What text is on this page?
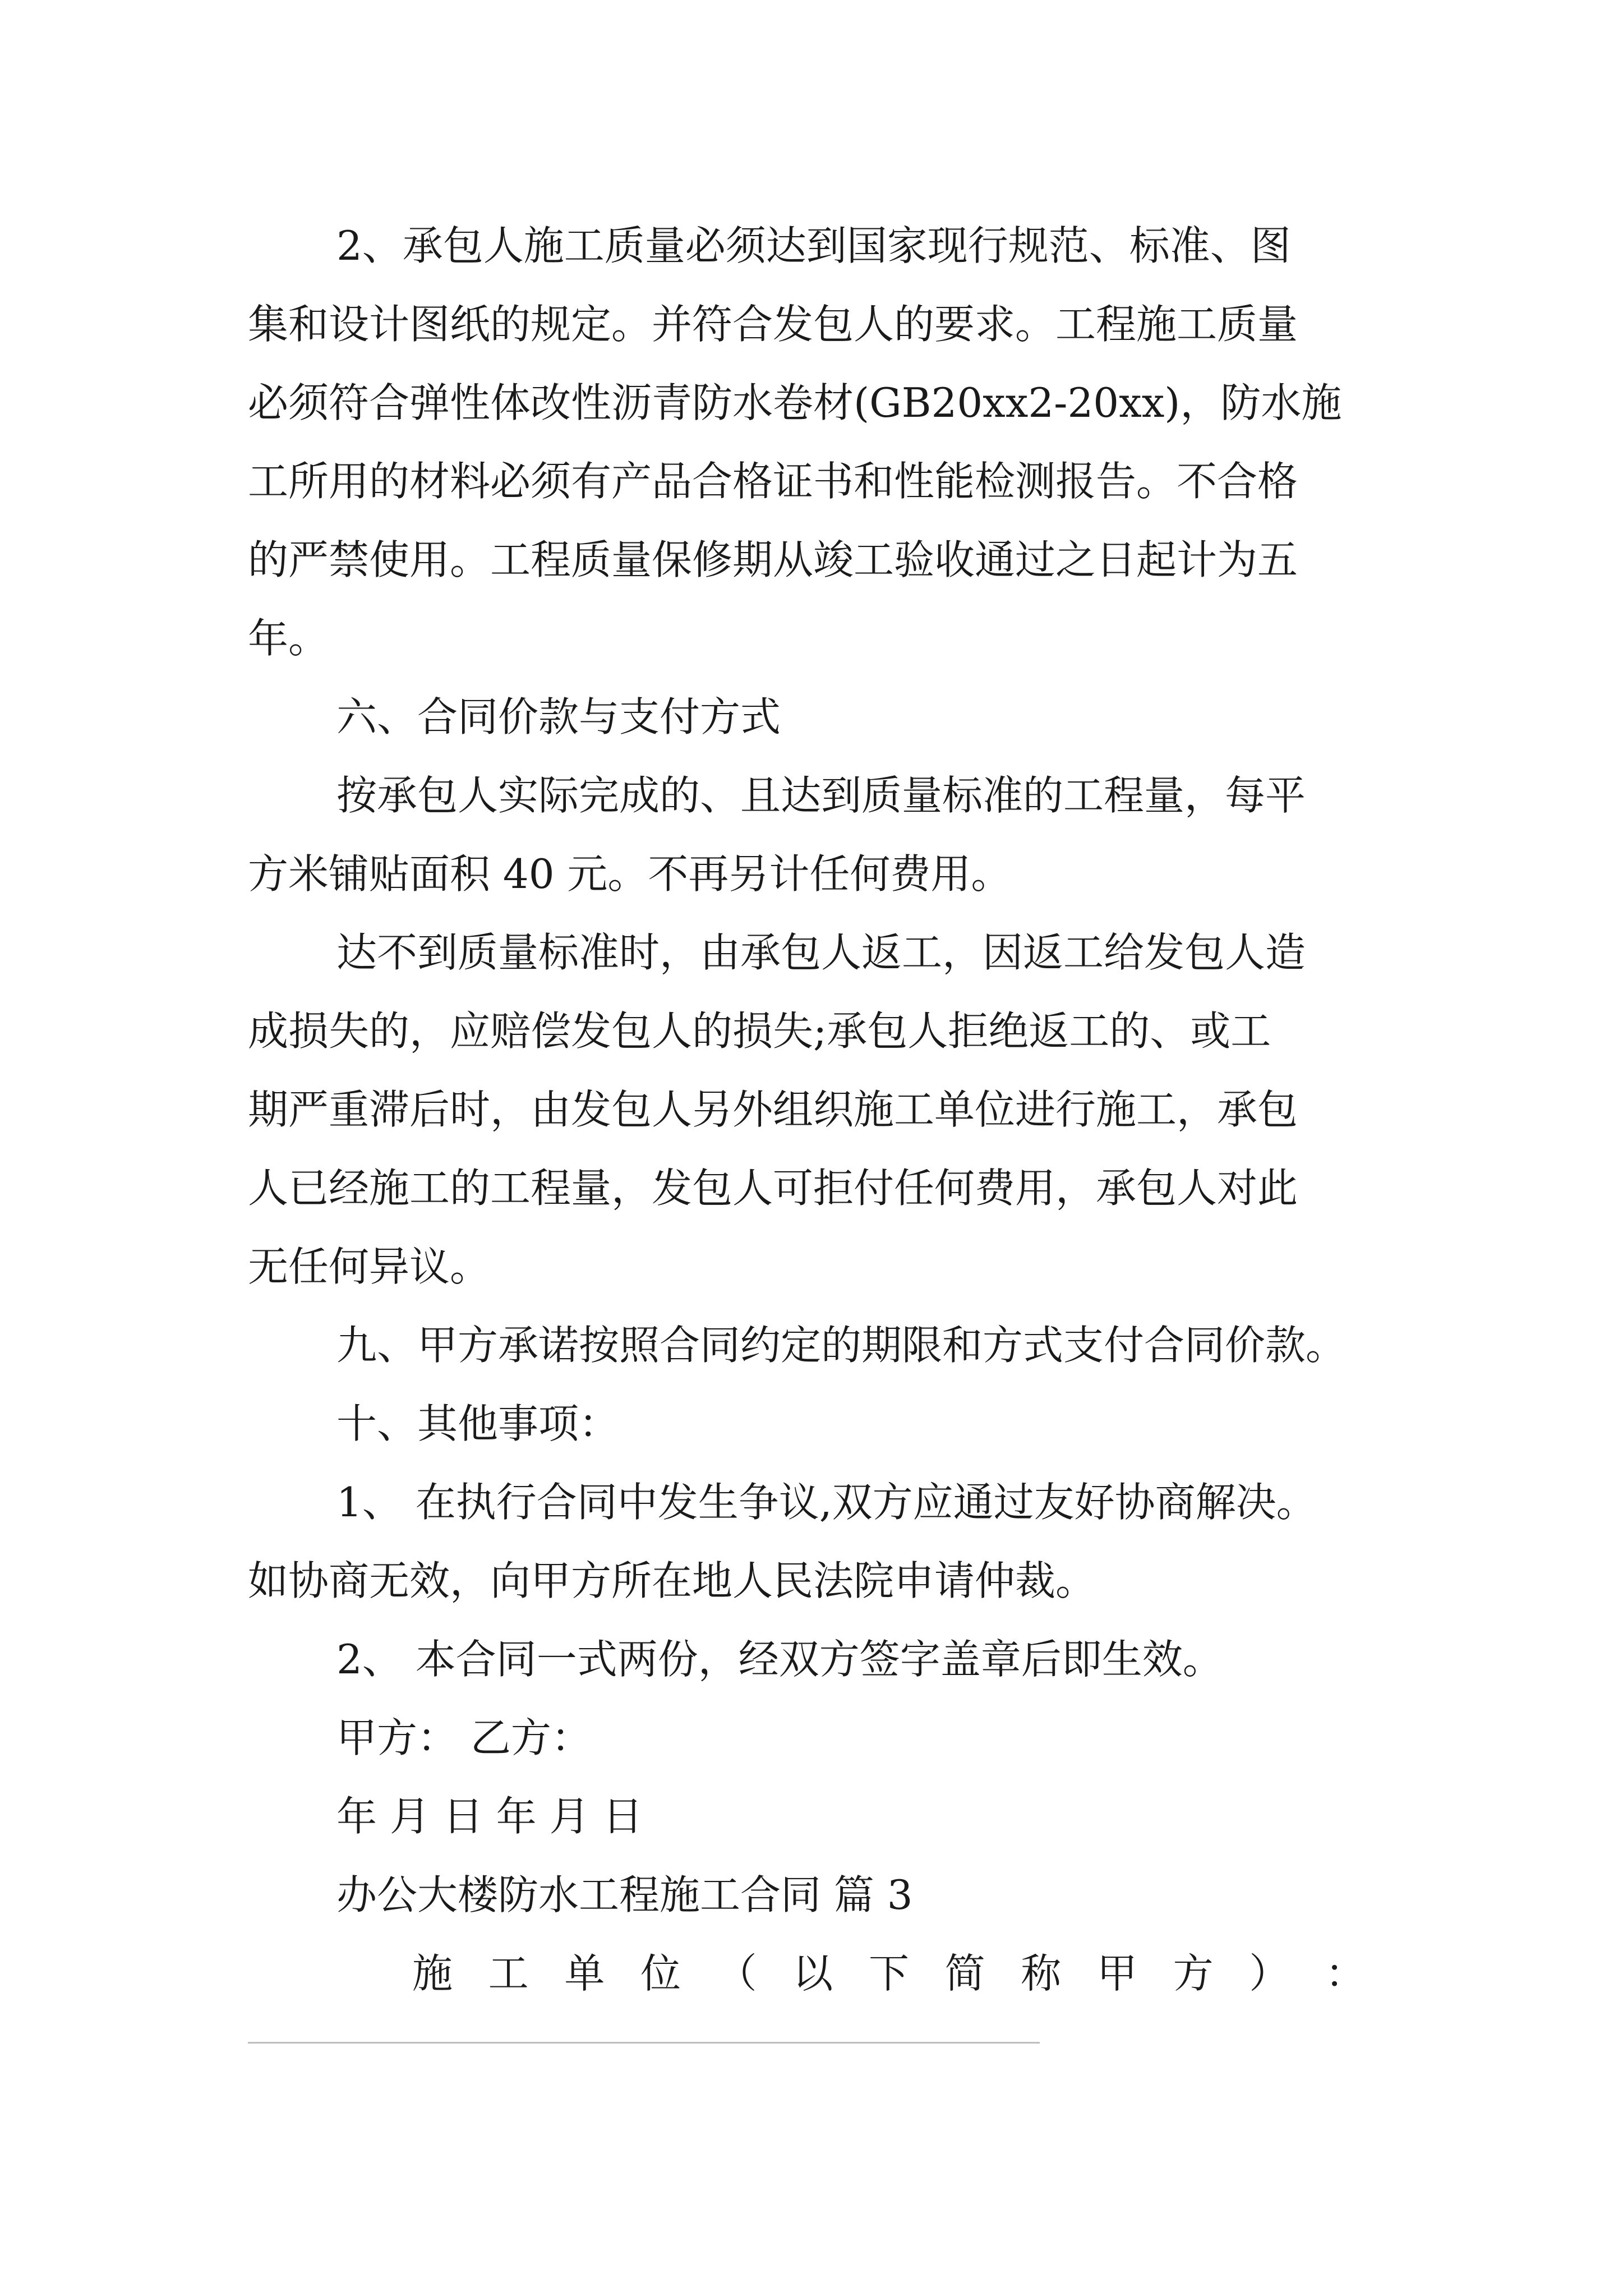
2、承包人施工质量必须达到国家现行规范、标准、图

集和设计图纸的规定。并符合发包人的要求。工程施工质量

必须符合弹性体改性沥青防水卷材(GB20xx2-20xx)，防水施

工所用的材料必须有产品合格证书和性能检测报告。不合格

的严禁使用。工程质量保修期从竣工验收通过之日起计为五

年。

六、合同价款与支付方式

按承包人实际完成的、且达到质量标准的工程量，每平

方米铺贴面积 40 元。不再另计任何费用。

达不到质量标准时，由承包人返工，因返工给发包人造

成损失的，应赔偿发包人的损失;承包人拒绝返工的、或工

期严重滞后时，由发包人另外组织施工单位进行施工，承包

人已经施工的工程量，发包人可拒付任何费用，承包人对此

无任何异议。

九、甲方承诺按照合同约定的期限和方式支付合同价款。

十、其他事项：

1、 在执行合同中发生争议,双方应通过友好协商解决。

如协商无效，向甲方所在地人民法院申请仲裁。

2、 本合同一式两份，经双方签字盖章后即生效。

甲方： 乙方：

年 月 日 年 月 日

办公大楼防水工程施工合同 篇 3

施 工 单 位 （ 以 下 简 称 甲 方 ） ：
